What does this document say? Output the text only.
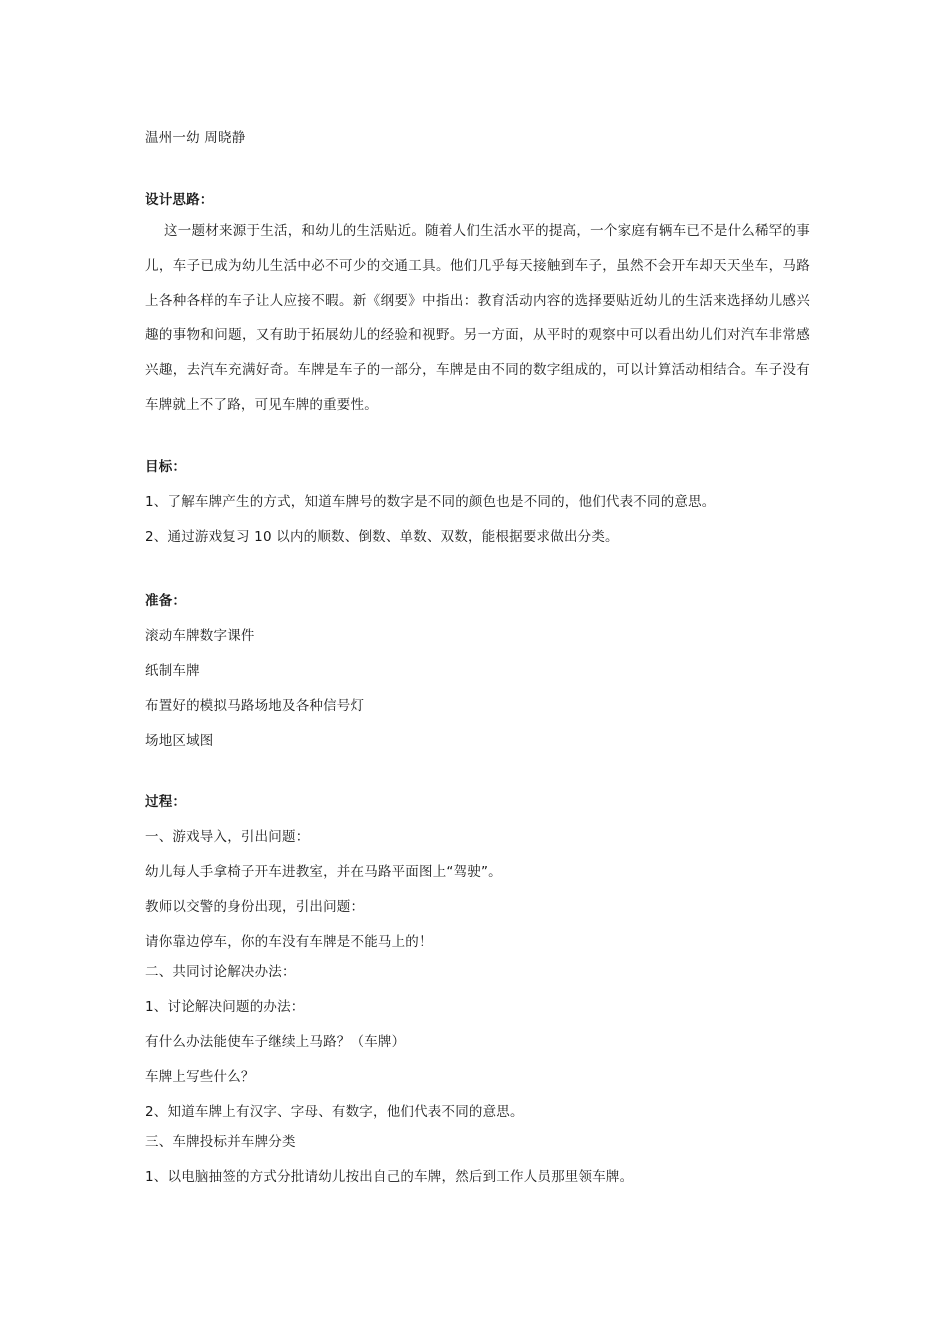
温州一幼 周晓静
设计思路：
这一题材来源于生活，和幼儿的生活贴近。随着人们生活水平的提高，一个家庭有辆车已不是什么稀罕的事儿，车子已成为幼儿生活中必不可少的交通工具。他们几乎每天接触到车子，虽然不会开车却天天坐车，马路上各种各样的车子让人应接不暇。新《纲要》中指出：教育活动内容的选择要贴近幼儿的生活来选择幼儿感兴趣的事物和问题，又有助于拓展幼儿的经验和视野。另一方面，从平时的观察中可以看出幼儿们对汽车非常感兴趣，去汽车充满好奇。车牌是车子的一部分，车牌是由不同的数字组成的，可以计算活动相结合。车子没有车牌就上不了路，可见车牌的重要性。
目标：
1、了解车牌产生的方式，知道车牌号的数字是不同的颜色也是不同的，他们代表不同的意思。
2、通过游戏复习 10 以内的顺数、倒数、单数、双数，能根据要求做出分类。
准备：
滚动车牌数字课件
纸制车牌
布置好的模拟马路场地及各种信号灯
场地区域图
过程：
一、游戏导入，引出问题：
幼儿每人手拿椅子开车进教室，并在马路平面图上“驾驶”。
教师以交警的身份出现，引出问题：
请你靠边停车，你的车没有车牌是不能马上的！
二、共同讨论解决办法：
1、讨论解决问题的办法：
有什么办法能使车子继续上马路？（车牌）
车牌上写些什么？
2、知道车牌上有汉字、字母、有数字，他们代表不同的意思。
三、车牌投标并车牌分类
1、以电脑抽签的方式分批请幼儿按出自己的车牌，然后到工作人员那里领车牌。
